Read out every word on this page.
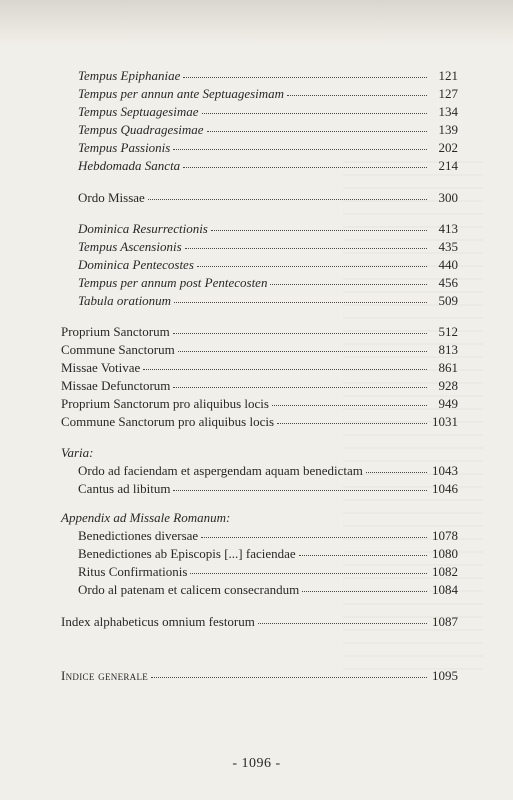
Tempus Epiphaniae	121
Tempus per annun ante Septuagesimam	127
Tempus Septuagesimae	134
Tempus Quadragesimae	139
Tempus Passionis	202
Hebdomada Sancta	214
Ordo Missae	300
Dominica Resurrectionis	413
Tempus Ascensionis	435
Dominica Pentecostes	440
Tempus per annum post Pentecosten	456
Tabula orationum	509
Proprium Sanctorum	512
Commune Sanctorum	813
Missae Votivae	861
Missae Defunctorum	928
Proprium Sanctorum pro aliquibus locis	949
Commune Sanctorum pro aliquibus locis	1031
Varia:
Ordo ad faciendam et aspergendam aquam benedictam	1043
Cantus ad libitum	1046
Appendix ad Missale Romanum:
Benedictiones diversae	1078
Benedictiones ab Episcopis [...] faciendae	1080
Ritus Confirmationis	1082
Ordo al patenam et calicem consecrandum	1084
Index alphabeticus omnium festorum	1087
Indice generale	1095
- 1096 -
